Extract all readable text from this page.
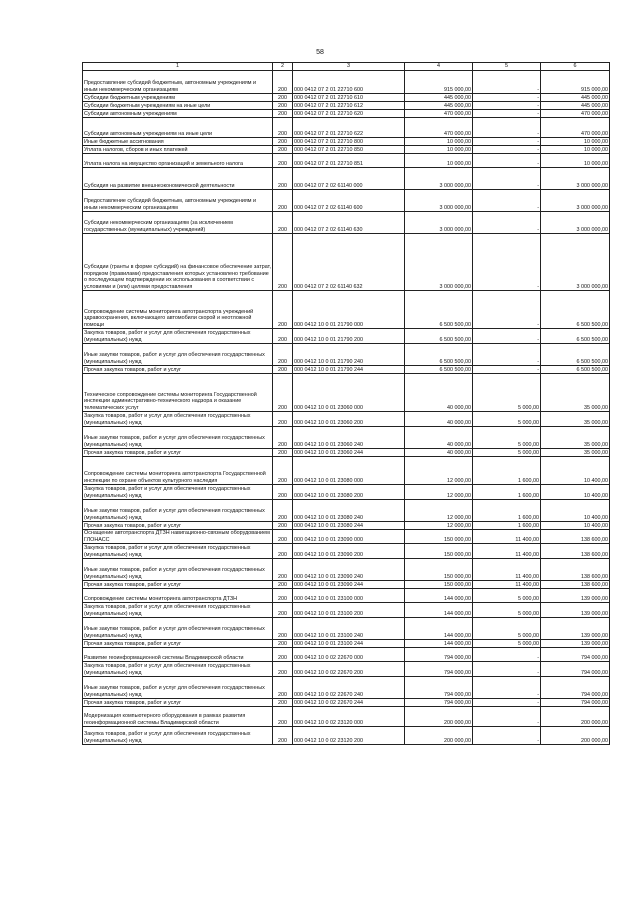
58
1	2	3	4	5	6
Предоставление субсидий бюджетным, автономным учреждениям и иным некоммерческим организациям	200	000 0412 07 2 01 22710 600	915 000,00	-	915 000,00
Субсидии бюджетным учреждениям	200	000 0412 07 2 01 22710 610	445 000,00	-	445 000,00
Субсидии бюджетным учреждениям на иные цели	200	000 0412 07 2 01 22710 612	445 000,00	-	445 000,00
Субсидии автономным учреждениям	200	000 0412 07 2 01 22710 620	470 000,00	-	470 000,00
Субсидии автономным учреждениям на иные цели	200	000 0412 07 2 01 22710 622	470 000,00	-	470 000,00
Иные бюджетные ассигнования	200	000 0412 07 2 01 22710 800	10 000,00	-	10 000,00
Уплата налогов, сборов и иных платежей	200	000 0412 07 2 01 22710 850	10 000,00	-	10 000,00
Уплата налога на имущество организаций и земельного налога	200	000 0412 07 2 01 22710 851	10 000,00	-	10 000,00
Субсидия на развитие внешнеэкономической деятельности	200	000 0412 07 2 02 61140 000	3 000 000,00	-	3 000 000,00
Предоставление субсидий бюджетным, автономным учреждениям и иным некоммерческим организациям	200	000 0412 07 2 02 61140 600	3 000 000,00	-	3 000 000,00
Субсидии некоммерческим организациям (за исключением государственных (муниципальных) учреждений)	200	000 0412 07 2 02 61140 630	3 000 000,00	-	3 000 000,00
Субсидии (гранты в форме субсидий) на финансовое обеспечение затрат, порядком (правилами) предоставления которых установлено требование о последующем подтверждении их использования в соответствии с условиями и (или) целями предоставления	200	000 0412 07 2 02 61140 632	3 000 000,00	-	3 000 000,00
Сопровождение системы мониторинга автотранспорта учреждений здравоохранения, включающего автомобили скорой и неотложной помощи	200	000 0412 10 0 01 21790 000	6 500 500,00	-	6 500 500,00
Закупка товаров, работ и услуг для обеспечения государственных (муниципальных) нужд	200	000 0412 10 0 01 21790 200	6 500 500,00	-	6 500 500,00
Иные закупки товаров, работ и услуг для обеспечения государственных (муниципальных) нужд	200	000 0412 10 0 01 21790 240	6 500 500,00	-	6 500 500,00
Прочая закупка товаров, работ и услуг	200	000 0412 10 0 01 21790 244	6 500 500,00	-	6 500 500,00
Техническое сопровождение системы мониторинга Государственной инспекции административно-технического надзора и оказание телематических услуг	200	000 0412 10 0 01 23060 000	40 000,00	5 000,00	35 000,00
Закупка товаров, работ и услуг для обеспечения государственных (муниципальных) нужд	200	000 0412 10 0 01 23060 200	40 000,00	5 000,00	35 000,00
Иные закупки товаров, работ и услуг для обеспечения государственных (муниципальных) нужд	200	000 0412 10 0 01 23060 240	40 000,00	5 000,00	35 000,00
Прочая закупка товаров, работ и услуг	200	000 0412 10 0 01 23060 244	40 000,00	5 000,00	35 000,00
Сопровождение системы мониторинга автотранспорта Государственной инспекции по охране объектов культурного наследия	200	000 0412 10 0 01 23080 000	12 000,00	1 600,00	10 400,00
Закупка товаров, работ и услуг для обеспечения государственных (муниципальных) нужд	200	000 0412 10 0 01 23080 200	12 000,00	1 600,00	10 400,00
Иные закупки товаров, работ и услуг для обеспечения государственных (муниципальных) нужд	200	000 0412 10 0 01 23080 240	12 000,00	1 600,00	10 400,00
Прочая закупка товаров, работ и услуг	200	000 0412 10 0 01 23080 244	12 000,00	1 600,00	10 400,00
Оснащение автотранспорта ДТЗН навигационно-связным оборудованием ГЛОНАСС	200	000 0412 10 0 01 23090 000	150 000,00	11 400,00	138 600,00
Закупка товаров, работ и услуг для обеспечения государственных (муниципальных) нужд	200	000 0412 10 0 01 23090 200	150 000,00	11 400,00	138 600,00
Иные закупки товаров, работ и услуг для обеспечения государственных (муниципальных) нужд	200	000 0412 10 0 01 23090 240	150 000,00	11 400,00	138 600,00
Прочая закупка товаров, работ и услуг	200	000 0412 10 0 01 23090 244	150 000,00	11 400,00	138 600,00
Сопровождение системы мониторинга автотранспорта ДТЗН	200	000 0412 10 0 01 23100 000	144 000,00	5 000,00	139 000,00
Закупка товаров, работ и услуг для обеспечения государственных (муниципальных) нужд	200	000 0412 10 0 01 23100 200	144 000,00	5 000,00	139 000,00
Иные закупки товаров, работ и услуг для обеспечения государственных (муниципальных) нужд	200	000 0412 10 0 01 23100 240	144 000,00	5 000,00	139 000,00
Прочая закупка товаров, работ и услуг	200	000 0412 10 0 01 23100 244	144 000,00	5 000,00	139 000,00
Развитие геоинформационной системы Владимирской области	200	000 0412 10 0 02 22670 000	794 000,00	-	794 000,00
Закупка товаров, работ и услуг для обеспечения государственных (муниципальных) нужд	200	000 0412 10 0 02 22670 200	794 000,00	-	794 000,00
Иные закупки товаров, работ и услуг для обеспечения государственных (муниципальных) нужд	200	000 0412 10 0 02 22670 240	794 000,00	-	794 000,00
Прочая закупка товаров, работ и услуг	200	000 0412 10 0 02 22670 244	794 000,00	-	794 000,00
Модернизация компьютерного оборудования в рамках развития геоинформационной системы Владимирской области	200	000 0412 10 0 02 23120 000	200 000,00	-	200 000,00
Закупка товаров, работ и услуг для обеспечения государственных (муниципальных) нужд	200	000 0412 10 0 02 23120 200	200 000,00	-	200 000,00
